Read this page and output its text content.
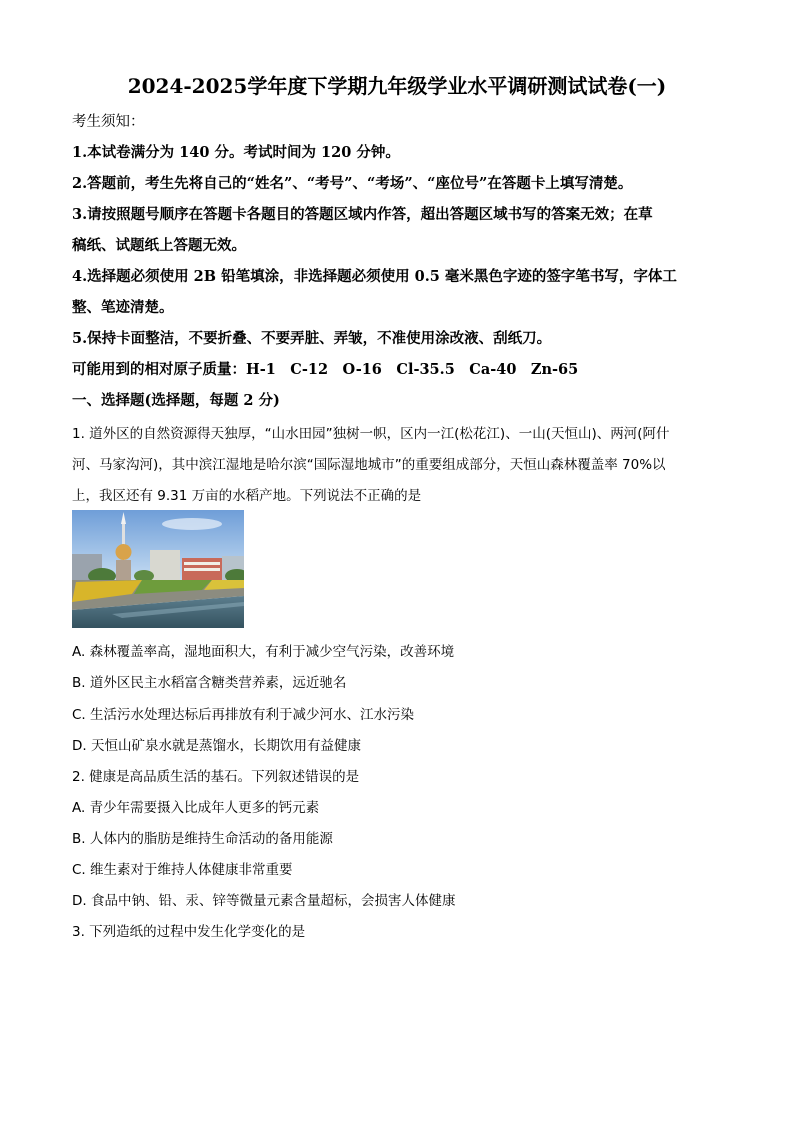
2024-2025学年度下学期九年级学业水平调研测试试卷(一)
考生须知：
1.本试卷满分为 140 分。考试时间为 120 分钟。
2.答题前，考生先将自己的“姓名”、“考号”、“考场”、“座位号”在答题卡上填写清楚。
3.请按照题号顺序在答题卡各题目的答题区域内作答，超出答题区域书写的答案无效；在草
稿纸、试题纸上答题无效。
4.选择题必须使用 2B 铅笔填涂，非选择题必须使用 0.5 毫米黑色字迹的签字笔书写，字体工
整、笔迹清楚。
5.保持卡面整洁，不要折叠、不要弄脏、弄皱，不准使用涂改液、刮纸刀。
可能用到的相对原子质量：H-1　C-12　O-16　Cl-35.5　Ca-40　Zn-65
一、选择题(选择题，每题 2 分)
1. 道外区的自然资源得天独厚，“山水田园”独树一帜，区内一江(松花江)、一山(天恒山)、两河(阿什
河、马家沟河)，其中滨江湿地是哈尔滨“国际湿地城市”的重要组成部分，天恒山森林覆盖率 70%以
上，我区还有 9.31 万亩的水稻产地。下列说法不正确的是
A. 森林覆盖率高，湿地面积大，有利于减少空气污染，改善环境
B. 道外区民主水稻富含糖类营养素，远近驰名
C. 生活污水处理达标后再排放有利于减少河水、江水污染
D. 天恒山矿泉水就是蒸馏水，长期饮用有益健康
2. 健康是高品质生活的基石。下列叙述错误的是
A. 青少年需要摄入比成年人更多的钙元素
B. 人体内的脂肪是维持生命活动的备用能源
C. 维生素对于维持人体健康非常重要
D. 食品中钠、铅、汞、锌等微量元素含量超标，会损害人体健康
3. 下列造纸的过程中发生化学变化的是
